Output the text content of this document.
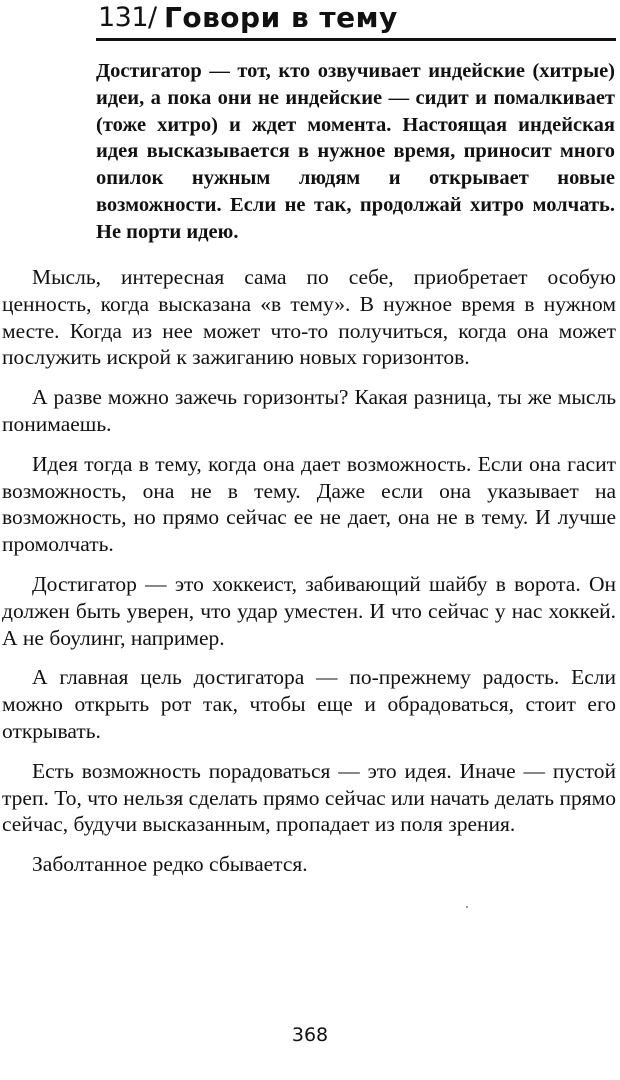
131/ Говори в тему
Достигатор — тот, кто озвучивает индейские (хитрые) идеи, а пока они не индейские — сидит и помалкивает (тоже хитро) и ждет момента. Настоящая индейская идея высказывается в нужное время, приносит много опилок нужным людям и открывает новые возможности. Если не так, продолжай хитро молчать. Не порти идею.

Мысль, интересная сама по себе, приобретает особую ценность, когда высказана «в тему». В нужное время в нужном месте. Когда из нее может что-то получиться, когда она может послужить искрой к зажиганию новых горизонтов.

А разве можно зажечь горизонты? Какая разница, ты же мысль понимаешь.

Идея тогда в тему, когда она дает возможность. Если она гасит возможность, она не в тему. Даже если она указывает на возможность, но прямо сейчас ее не дает, она не в тему. И лучше промолчать.

Достигатор — это хоккеист, забивающий шайбу в ворота. Он должен быть уверен, что удар уместен. И что сейчас у нас хоккей. А не боулинг, например.

А главная цель достигатора — по-прежнему радость. Если можно открыть рот так, чтобы еще и обрадоваться, стоит его открывать.

Есть возможность порадоваться — это идея. Иначе — пустой треп. То, что нельзя сделать прямо сейчас или начать делать прямо сейчас, будучи высказанным, пропадает из поля зрения.

Заболтанное редко сбывается.

368
